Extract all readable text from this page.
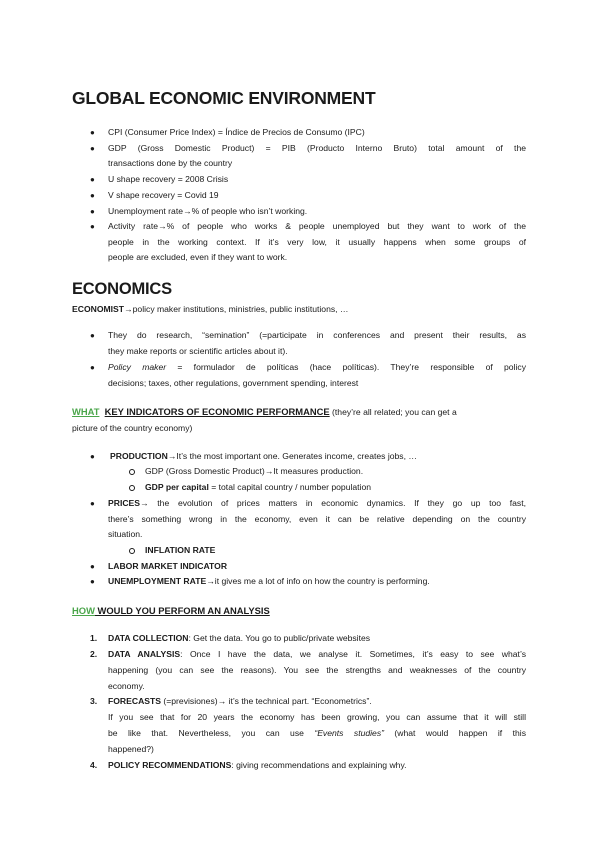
GLOBAL ECONOMIC ENVIRONMENT
● CPI (Consumer Price Index) = Índice de Precios de Consumo (IPC)

● GDP (Gross Domestic Product) = PIB (Producto Interno Bruto) total amount of the

transactions done by the country

● U shape recovery = 2008 Crisis

● V shape recovery = Covid 19

● Unemployment rate→% of people who isn’t working.

● Activity rate→% of people who works & people unemployed but they want to work of the

people in the working context. If it’s very low, it usually happens when some groups of

people are excluded, even if they want to work.

ECONOMICS

ECONOMIST→policy maker institutions, ministries, public institutions, …

● They do research, “semination” (=participate in conferences and present their results, as

they make reports or scientific articles about it).

● Policy maker = formulador de políticas (hace políticas). They’re responsible of policy

decisions; taxes, other regulations, government spending, interest

WHAT KEY INDICATORS OF ECONOMIC PERFORMANCE (they’re all related; you can get a

picture of the country economy)

● PRODUCTION→It’s the most important one. Generates income, creates jobs, …

GDP (Gross Domestic Product)→It measures production.

GDP per capital = total capital country / number population

● PRICES→ the evolution of prices matters in economic dynamics. If they go up too fast,

there’s something wrong in the economy, even it can be relative depending on the country

situation.

INFLATION RATE

● LABOR MARKET INDICATOR

● UNEMPLOYMENT RATE→it gives me a lot of info on how the country is performing.

HOW WOULD YOU PERFORM AN ANALYSIS

1. DATA COLLECTION: Get the data. You go to public/private websites

2. DATA ANALYSIS: Once I have the data, we analyse it. Sometimes, it’s easy to see what’s

happening (you can see the reasons). You see the strengths and weaknesses of the country

economy.

3. FORECASTS (=previsiones)→ it’s the technical part. “Econometrics”.

If you see that for 20 years the economy has been growing, you can assume that it will still

be like that. Nevertheless, you can use “Events studies” (what would happen if this

happened?)

4. POLICY RECOMMENDATIONS: giving recommendations and explaining why.
